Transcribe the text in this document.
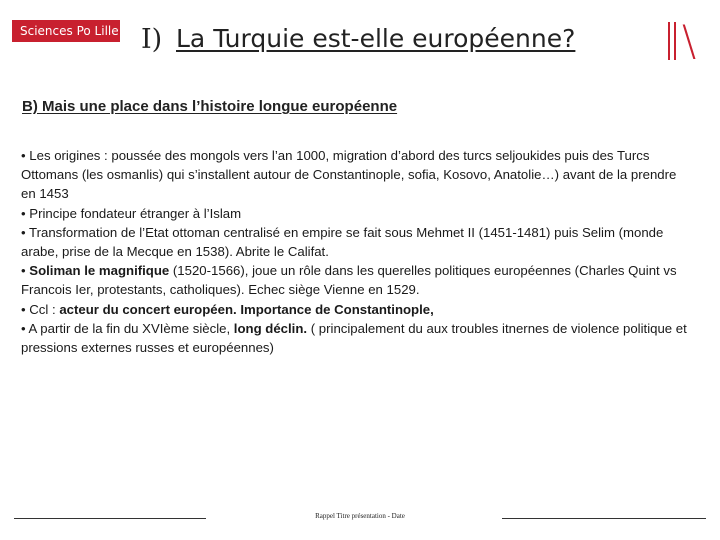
Sciences Po Lille I) La Turquie est-elle européenne?	\
B) Mais une place dans l’histoire longue européenne

• Les origines : poussée des mongols vers l’an 1000, migration d’abord des turcs seljoukides puis des Turcs Ottomans (les osmanlis) qui s’installent autour de Constantinople, sofia, Kosovo, Anatolie…) avant de la prendre en 1453

• Principe fondateur étranger à l’Islam

• Transformation de l’Etat ottoman centralisé en empire se fait sous Mehmet II (1451-1481) puis Selim (monde arabe, prise de la Mecque en 1538). Abrite le Califat.

• Soliman le magnifique (1520-1566), joue un rôle dans les querelles politiques européennes (Charles Quint vs Francois Ier, protestants, catholiques). Echec siège Vienne en 1529.

• Ccl : acteur du concert européen. Importance de Constantinople,

• A partir de la fin du XVIème siècle, long déclin. ( principalement du aux troubles itnernes de violence politique et pressions externes russes et européennes)

Rappel Titre présentation - Date
